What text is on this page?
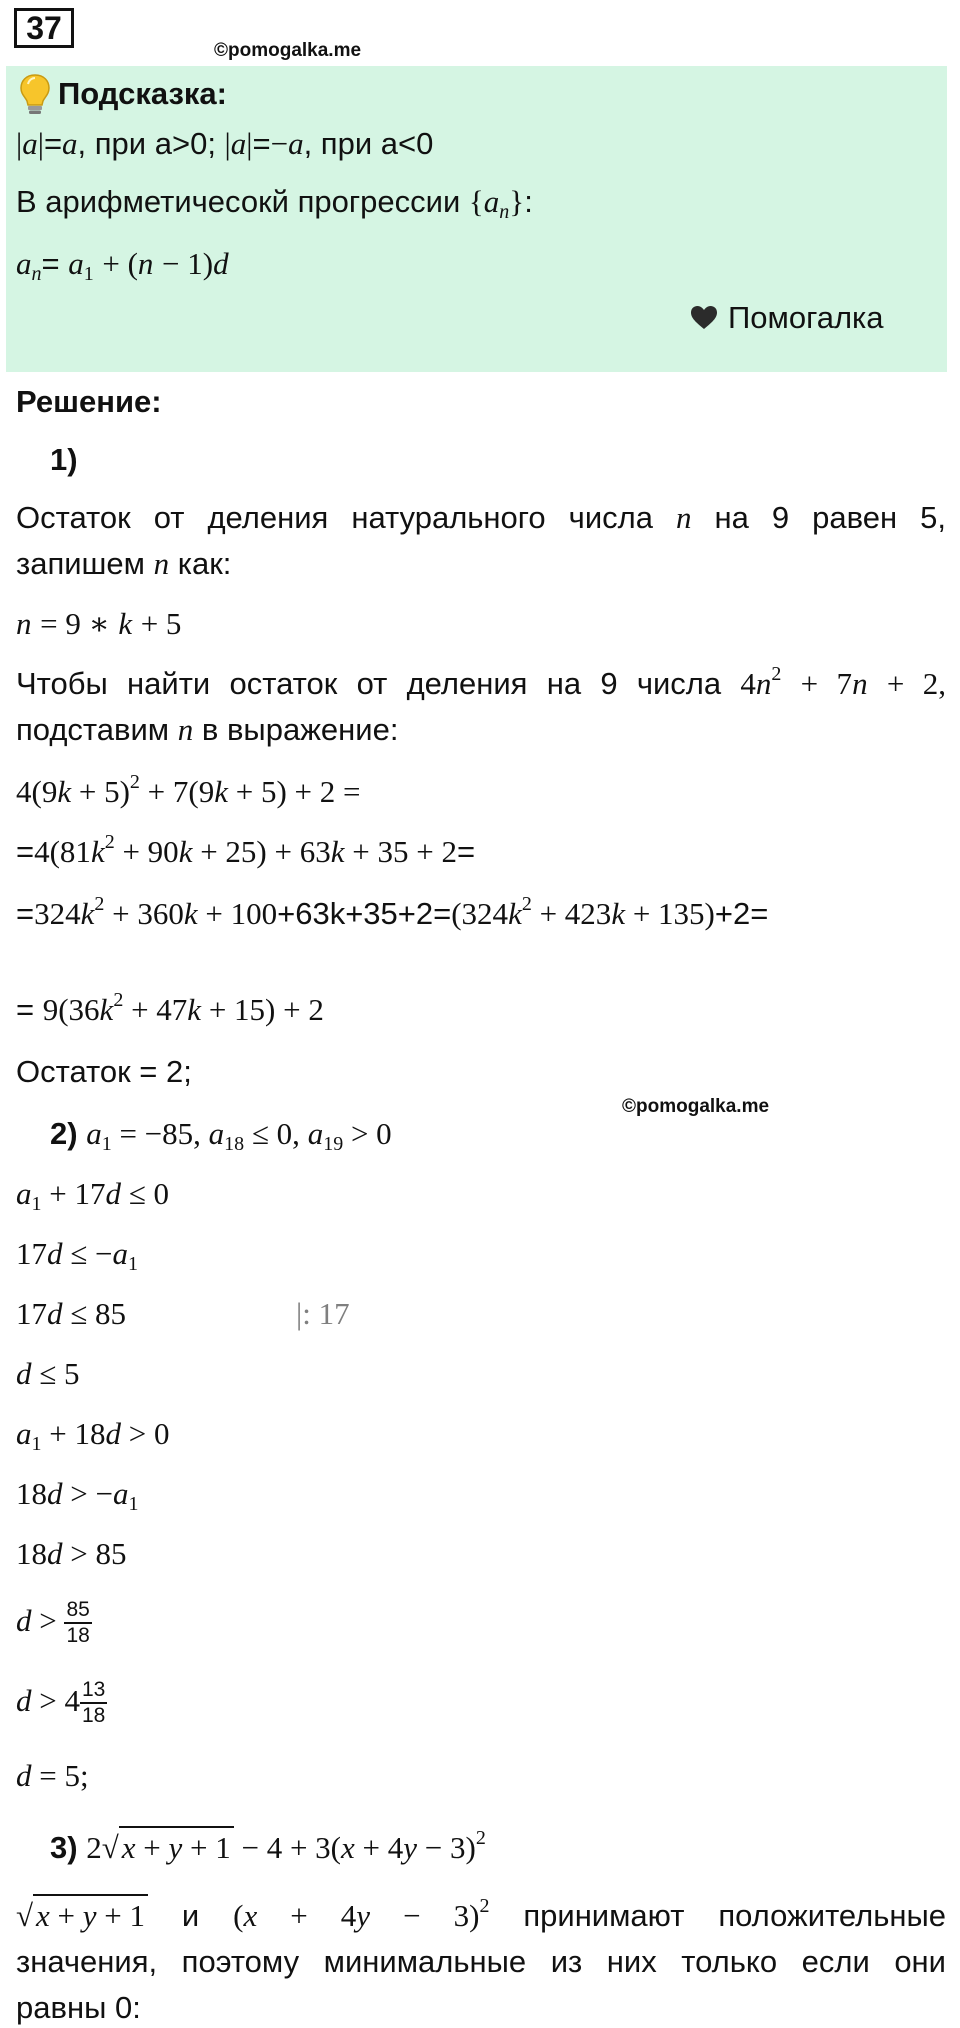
37
©pomogalka.me
Подсказка:
|a|=a, при а>0; |a|=−a, при а<0
В арифметичесокй прогрессии $\{a_n\}$:
$a_n= a_1 + (n - 1)d$
Помогалка
Решение:
1)
Остаток от деления натурального числа n на 9 равен 5,
запишем n как:
n = 9 ∗ k + 5
Чтобы найти остаток от деления на 9 числа $4n^2 + 7n + 2$,
подставим n в выражение:
$4(9k + 5)^2 + 7(9k + 5) + 2$ =
$=4(81k^2 + 90k + 25) + 63k + 35 + 2=$
$=324k^2 + 360k + 100+63k+35+2=(324k^2 + 423k + 135)+2=$
= $9(36k^2 + 47k + 15) + 2$
Остаток = 2;
©pomogalka.me
2) $a_1 = -85$, $a_{18} \le 0$, $a_{19} > 0$
$a_1 + 17d \le 0$
$17d \le -a_1$
17d ≤ 85	|: 17
d ≤ 5
$a_1 + 18d > 0$
$18d > -a_1$
18d > 85
$d > \frac{85}{18}$
$d > 4 \frac{13}{18}$
d = 5;
3) $2√x + y + 1 - 4 + 3(x + 4y - 3)^2$
√x + y + 1 и $(x + 4y - 3)^2$ принимают положительные
значения, поэтому минимальные из них только если они
равны 0:
